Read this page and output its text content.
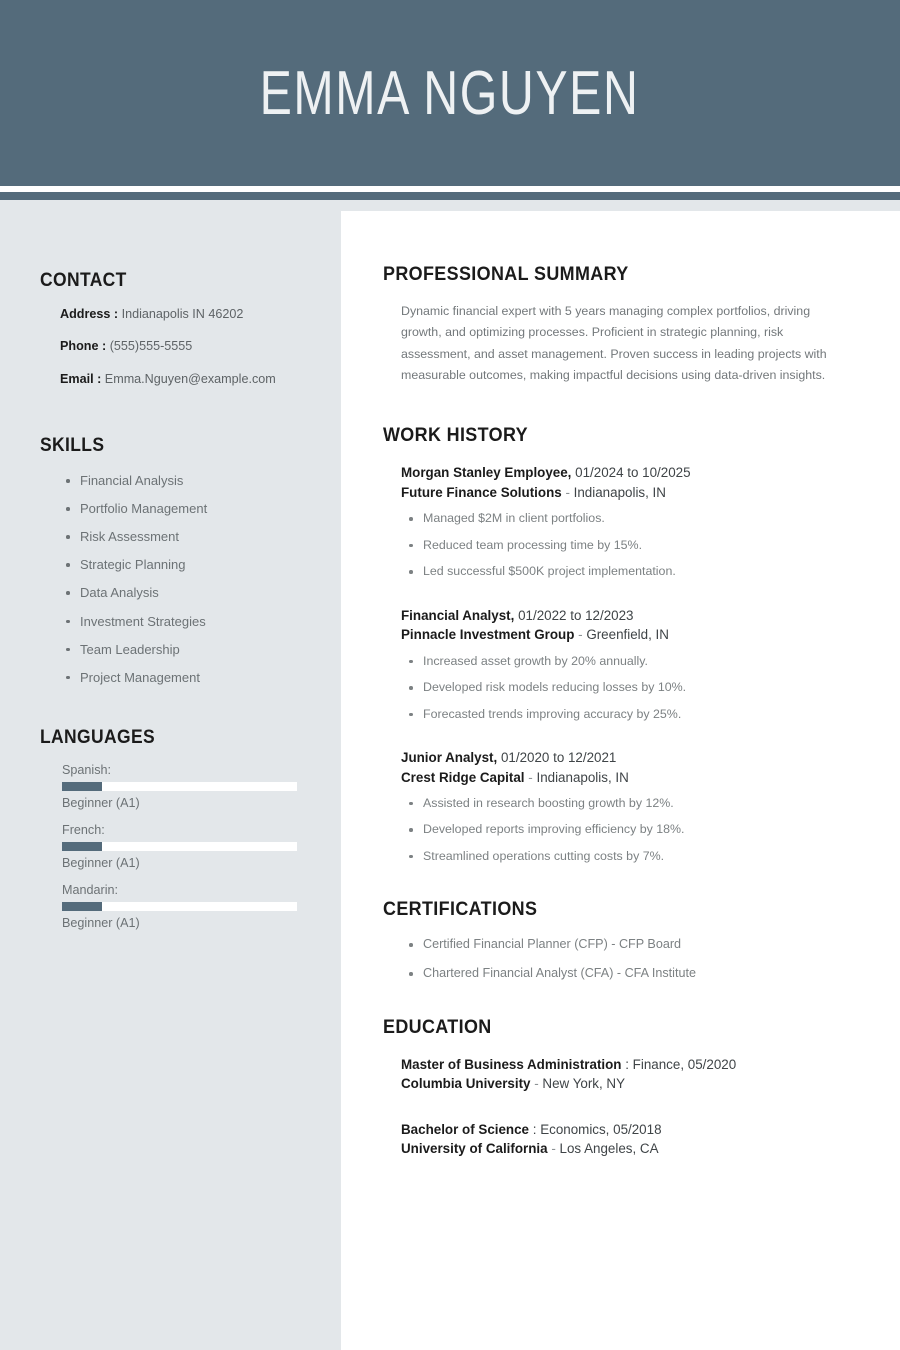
EMMA NGUYEN
CONTACT
Address : Indianapolis IN 46202
Phone : (555)555-5555
Email : Emma.Nguyen@example.com
SKILLS
Financial Analysis
Portfolio Management
Risk Assessment
Strategic Planning
Data Analysis
Investment Strategies
Team Leadership
Project Management
LANGUAGES
Spanish:
Beginner (A1)
French:
Beginner (A1)
Mandarin:
Beginner (A1)
PROFESSIONAL SUMMARY

Dynamic financial expert with 5 years managing complex portfolios, driving growth, and optimizing processes. Proficient in strategic planning, risk assessment, and asset management. Proven success in leading projects with measurable outcomes, making impactful decisions using data-driven insights.

WORK HISTORY
Morgan Stanley Employee, 01/2024 to 10/2025
Future Finance Solutions - Indianapolis, IN
Managed $2M in client portfolios.
Reduced team processing time by 15%.
Led successful $500K project implementation.
Financial Analyst, 01/2022 to 12/2023
Pinnacle Investment Group - Greenfield, IN
Increased asset growth by 20% annually.
Developed risk models reducing losses by 10%.
Forecasted trends improving accuracy by 25%.
Junior Analyst, 01/2020 to 12/2021
Crest Ridge Capital - Indianapolis, IN
Assisted in research boosting growth by 12%.
Developed reports improving efficiency by 18%.
Streamlined operations cutting costs by 7%.
CERTIFICATIONS
Certified Financial Planner (CFP) - CFP Board
Chartered Financial Analyst (CFA) - CFA Institute
EDUCATION
Master of Business Administration : Finance, 05/2020
Columbia University - New York, NY
Bachelor of Science : Economics, 05/2018
University of California - Los Angeles, CA
